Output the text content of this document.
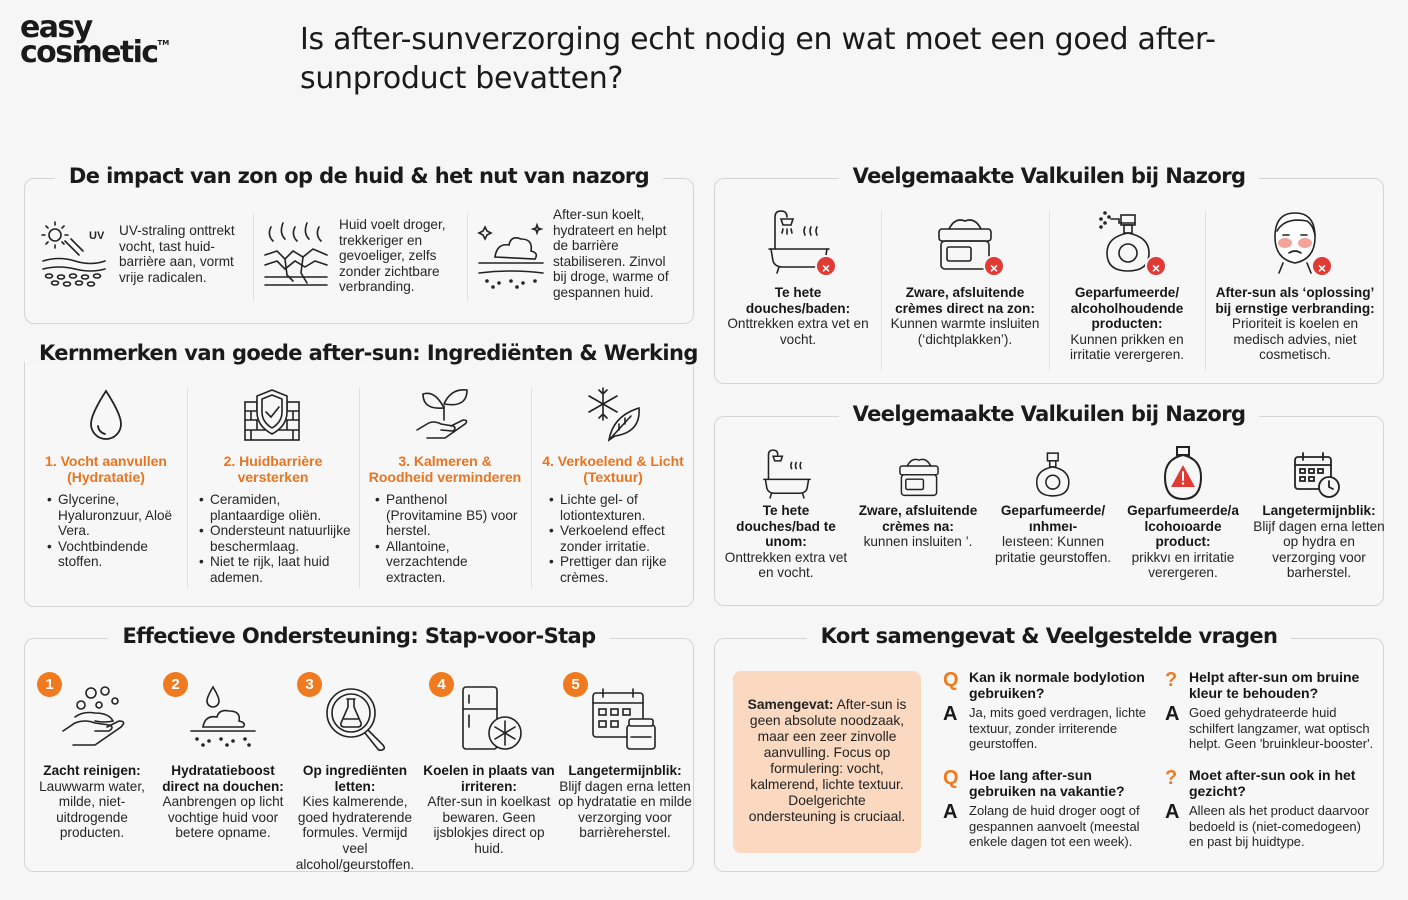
easy
cosmetic™	Is after-sunverzorging echt nodig en wat moet een goed after-sunproduct bevatten?
De impact van zon op de huid & het nut van nazorg
UV UV-straling onttrekt vocht, tast huid-barrière aan, vormt vrije radicalen.
Huid voelt droger, trekkeriger en gevoeliger, zelfs zonder zichtbare verbranding.
After-sun koelt, hydrateert en helpt de barrière stabiliseren. Zinvol bij droge, warme of gespannen huid.
Kernmerken van goede after-sun: Ingrediënten & Werking
1. Vocht aanvullen (Hydratatie)
• Glycerine, Hyaluronzuur, Aloë Vera.
• Vochtbindende stoffen.
2. Huidbarrière versterken
• Ceramiden, plantaardige oliën.
• Ondersteunt natuurlijke beschermlaag.
• Niet te rijk, laat huid ademen.
3. Kalmeren & Roodheid verminderen
• Panthenol (Provitamine B5) voor herstel.
• Allantoine, verzachtende extracten.
4. Verkoelend & Licht (Textuur)
• Lichte gel- of lotiontexturen.
• Verkoelend effect zonder irritatie.
• Prettiger dan rijke crèmes.
Effectieve Ondersteuning: Stap-voor-Stap
1
Zacht reinigen:
Lauwwarm water, milde, niet-uitdrogende producten.
2
Hydratatieboost direct na douchen:
Aanbrengen op licht vochtige huid voor betere opname.
3
Op ingrediënten letten:
Kies kalmerende, goed hydraterende formules. Vermijd veel alcohol/geurstoffen.
4
Koelen in plaats van irriteren:
After-sun in koelkast bewaren. Geen ijsblokjes direct op huid.
5
Langetermijnblik:
Blijf dagen erna letten op hydratatie en milde verzorging voor barrièreherstel.
Veelgemaakte Valkuilen bij Nazorg
×
Te hete douches/baden:
Onttrekken extra vet en vocht.
×
Zware, afsluitende crèmes direct na zon:
Kunnen warmte insluiten (‘dichtplakken’).
×
Geparfumeerde/ alcoholhoudende producten:
Kunnen prikken en irritatie verergeren.
×
After-sun als ‘oplossing’ bij ernstige verbranding:
Prioriteit is koelen en medisch advies, niet cosmetisch.
Veelgemaakte Valkuilen bij Nazorg
Te hete douches/bad te unom:
Onttrekken extra vet en vocht.
Zware, afsluitende crèmes na:
kunnen insluiten ’.
Geparfumeerde/ ınhmeı-
leısteen: Kunnen pritatie geurstoffen.
Geparfumeerde/a lcohoıoarde product:
prikkvı en irritatie verergeren.
Langetermijnblik:
Blijf dagen erna letten op hydra en verzorging voor barherstel.
Kort samengevat & Veelgestelde vragen
Samengevat: After-sun is geen absolute noodzaak, maar een zeer zinvolle aanvulling. Focus op formulering: vocht, kalmerend, lichte textuur. Doelgerichte ondersteuning is cruciaal.
Q Kan ik normale bodylotion gebruiken?
A Ja, mits goed verdragen, lichte textuur, zonder irriterende geurstoffen.
? Helpt after-sun om bruine kleur te behouden?
A Goed gehydrateerde huid schilfert langzamer, wat optisch helpt. Geen 'bruinkleur-booster'.
Q Hoe lang after-sun gebruiken na vakantie?
A Zolang de huid droger oogt of gespannen aanvoelt (meestal enkele dagen tot een week).
? Moet after-sun ook in het gezicht?
A Alleen als het product daarvoor bedoeld is (niet-comedogeen) en past bij huidtype.
